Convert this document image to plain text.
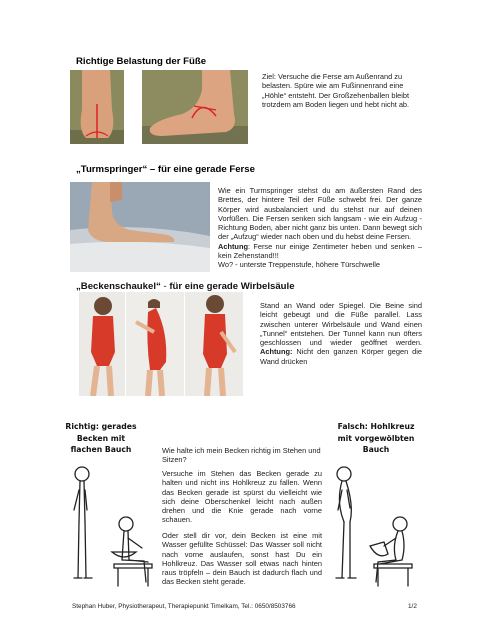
Richtige Belastung der Füße
Ziel: Versuche die Ferse am Außenrand zu belasten. Spüre wie am Fußinnenrand eine „Höhle“ entsteht. Der Großzehenballen bleibt trotzdem am Boden liegen und hebt nicht ab.
„Turmspringer“ – für eine gerade Ferse
Wie ein Turmspringer stehst du am äußersten Rand des Brettes, der hintere Teil der Füße schwebt frei. Der ganze Körper wird ausbalanciert und du stehst nur auf deinen Vorfüßen. Die Fersen senken sich langsam - wie ein Aufzug - Richtung Boden, aber nicht ganz bis unten. Dann bewegt sich der „Aufzug“ wieder nach oben und du hebst deine Fersen.
Achtung: Ferse nur einige Zentimeter heben und senken – kein Zehenstand!!!
Wo? - unterste Treppenstufe, höhere Türschwelle
„Beckenschaukel“ - für eine gerade Wirbelsäule
Stand an Wand oder Spiegel. Die Beine sind leicht gebeugt und die Füße parallel. Lass zwischen unterer Wirbelsäule und Wand einen „Tunnel“ entstehen. Der Tunnel kann nun öfters geschlossen und wieder geöffnet werden. Achtung: Nicht den ganzen Körper gegen die Wand drücken
Richtig: gerades Becken mit flachen Bauch
Falsch: Hohlkreuz mit vorgewölbten Bauch
Wie halte ich mein Becken richtig im Stehen und Sitzen?
Versuche im Stehen das Becken gerade zu halten und nicht ins Hohlkreuz zu fallen. Wenn das Becken gerade ist spürst du vielleicht wie sich deine Oberschenkel leicht nach außen drehen und die Knie gerade nach vorne schauen.
Oder stell dir vor, dein Becken ist eine mit Wasser gefüllte Schüssel: Das Wasser soll nicht nach vorne auslaufen, sonst hast Du ein Hohlkreuz. Das Wasser soll etwas nach hinten raus tröpfeln – dein Bauch ist dadurch flach und das Becken steht gerade.
Stephan Huber, Physiotherapeut, Therapiepunkt Timelkam, Tel.: 0650/8503766	1/2
